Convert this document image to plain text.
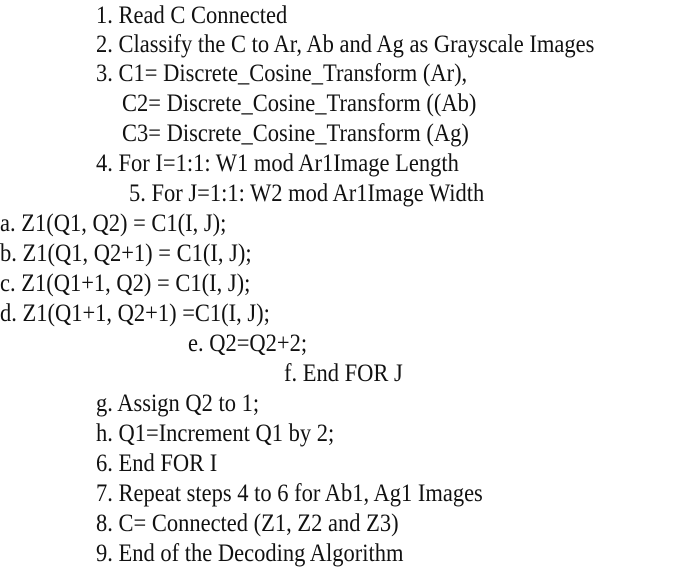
1. Read C Connected
2. Classify the C to Ar, Ab and Ag as Grayscale Images
3. C1= Discrete_Cosine_Transform (Ar),
C2= Discrete_Cosine_Transform ((Ab)
C3= Discrete_Cosine_Transform (Ag)
4. For I=1:1: W1 mod Ar1Image Length
5. For J=1:1: W2 mod Ar1Image Width
a. Z1(Q1, Q2) = C1(I, J);
b. Z1(Q1, Q2+1) = C1(I, J);
c. Z1(Q1+1, Q2) = C1(I, J);
d. Z1(Q1+1, Q2+1) =C1(I, J);
e. Q2=Q2+2;
f. End FOR J
g. Assign Q2 to 1;
h. Q1=Increment Q1 by 2;
6. End FOR I
7. Repeat steps 4 to 6 for Ab1, Ag1 Images
8. C= Connected (Z1, Z2 and Z3)
9. End of the Decoding Algorithm
